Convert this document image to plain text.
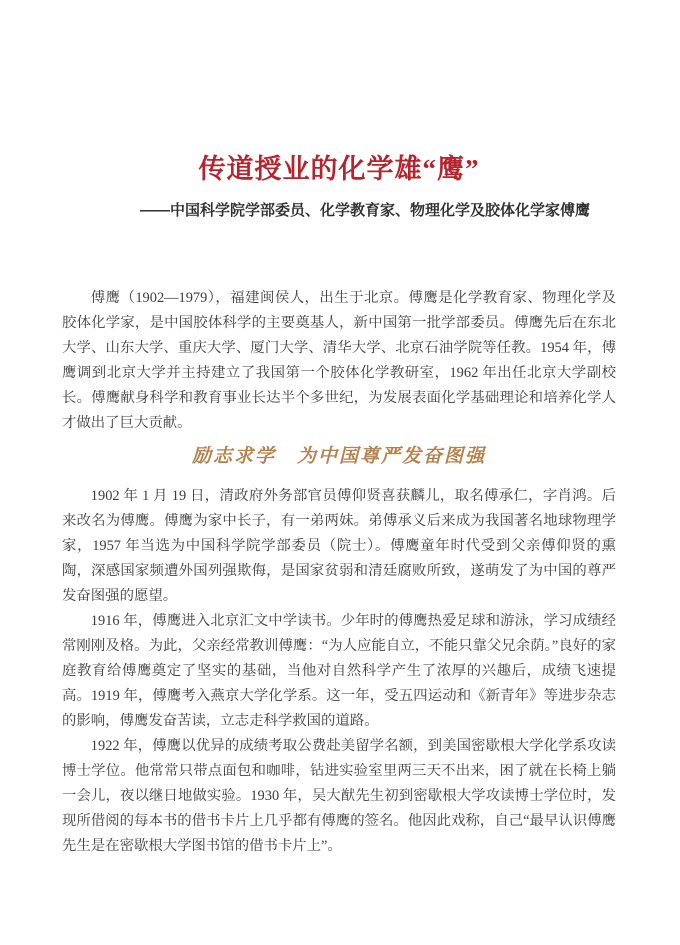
传道授业的化学雄“鹰”
——中国科学院学部委员、化学教育家、物理化学及胶体化学家傅鹰

傅鹰（1902—1979），福建闽侯人，出生于北京。傅鹰是化学教育家、物理化学及胶体化学家，是中国胶体科学的主要奠基人，新中国第一批学部委员。傅鹰先后在东北大学、山东大学、重庆大学、厦门大学、清华大学、北京石油学院等任教。1954 年，傅鹰调到北京大学并主持建立了我国第一个胶体化学教研室，1962 年出任北京大学副校长。傅鹰献身科学和教育事业长达半个多世纪，为发展表面化学基础理论和培养化学人才做出了巨大贡献。

励志求学　为中国尊严发奋图强

1902 年 1 月 19 日，清政府外务部官员傅仰贤喜获麟儿，取名傅承仁，字肖鸿。后来改名为傅鹰。傅鹰为家中长子，有一弟两妹。弟傅承义后来成为我国著名地球物理学家，1957 年当选为中国科学院学部委员（院士）。傅鹰童年时代受到父亲傅仰贤的熏陶，深感国家频遭外国列强欺侮，是国家贫弱和清廷腐败所致，遂萌发了为中国的尊严发奋图强的愿望。

1916 年，傅鹰进入北京汇文中学读书。少年时的傅鹰热爱足球和游泳，学习成绩经常刚刚及格。为此，父亲经常教训傅鹰：“为人应能自立，不能只靠父兄余荫。”良好的家庭教育给傅鹰奠定了坚实的基础，当他对自然科学产生了浓厚的兴趣后，成绩飞速提高。1919 年，傅鹰考入燕京大学化学系。这一年，受五四运动和《新青年》等进步杂志的影响，傅鹰发奋苦读，立志走科学救国的道路。

1922 年，傅鹰以优异的成绩考取公费赴美留学名额，到美国密歇根大学化学系攻读博士学位。他常常只带点面包和咖啡，钻进实验室里两三天不出来，困了就在长椅上躺一会儿，夜以继日地做实验。1930 年，吴大猷先生初到密歇根大学攻读博士学位时，发现所借阅的每本书的借书卡片上几乎都有傅鹰的签名。他因此戏称，自己“最早认识傅鹰先生是在密歇根大学图书馆的借书卡片上”。
